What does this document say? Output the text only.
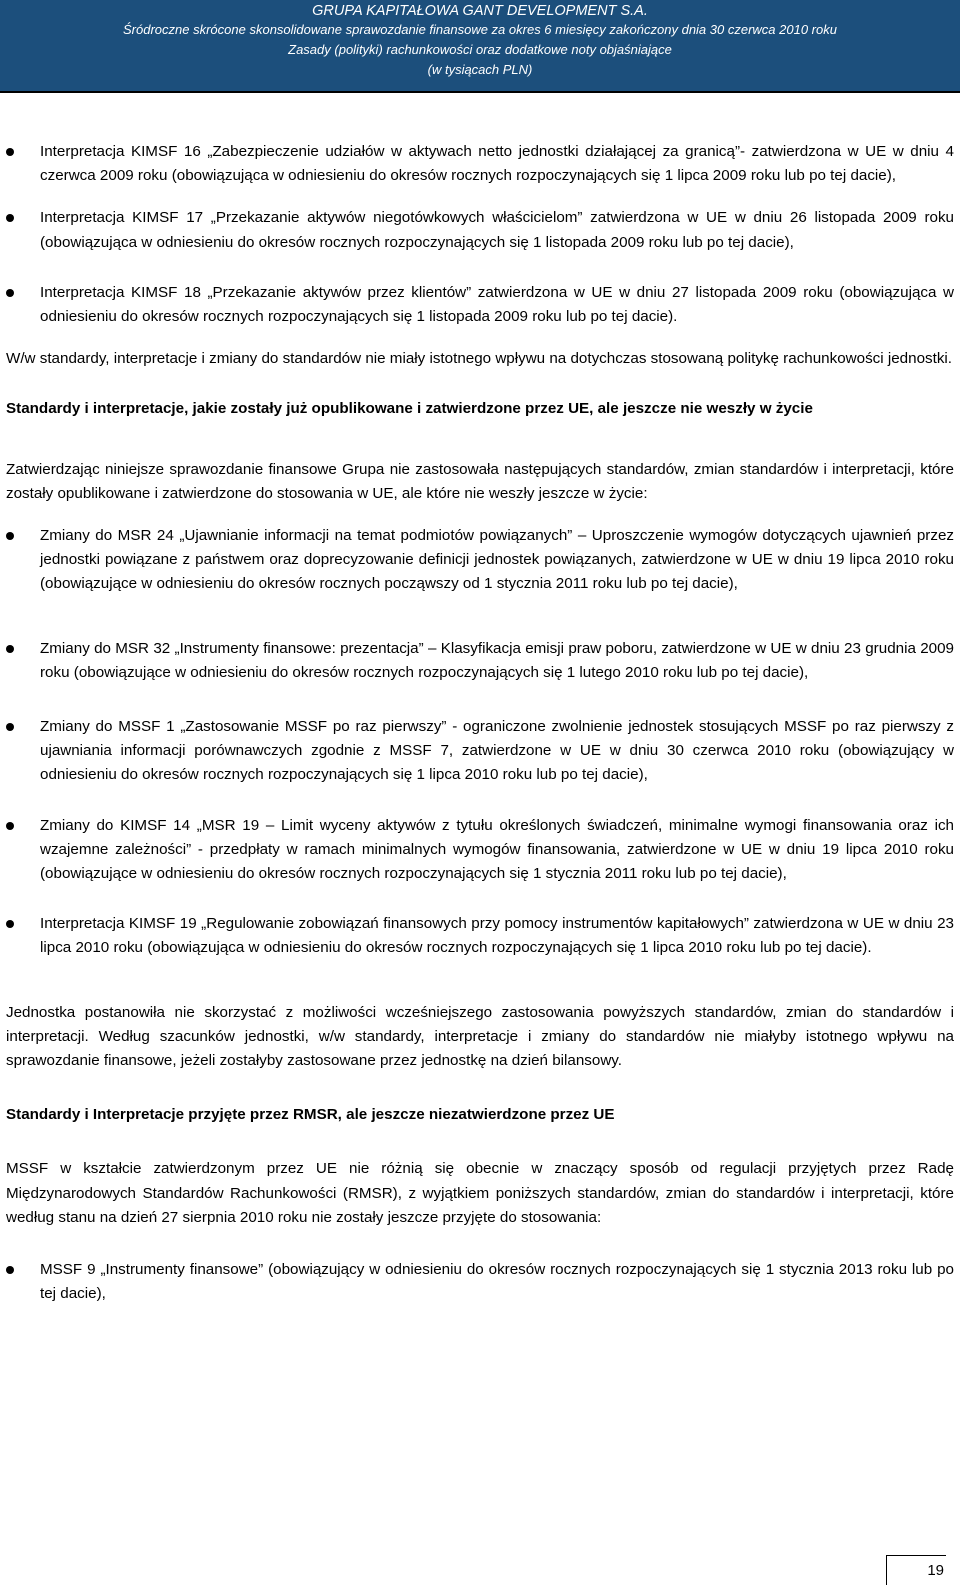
GRUPA KAPITAŁOWA GANT DEVELOPMENT S.A.
Śródroczne skrócone skonsolidowane sprawozdanie finansowe za okres 6 miesięcy zakończony dnia 30 czerwca 2010 roku
Zasady (polityki) rachunkowości oraz dodatkowe noty objaśniające
(w tysiącach PLN)
Interpretacja KIMSF 16 „Zabezpieczenie udziałów w aktywach netto jednostki działającej za granicą”- zatwierdzona w UE w dniu 4 czerwca 2009 roku (obowiązująca w odniesieniu do okresów rocznych rozpoczynających się 1 lipca 2009 roku lub po tej dacie),
Interpretacja KIMSF 17 „Przekazanie aktywów niegotówkowych właścicielom” zatwierdzona w UE w dniu 26 listopada 2009 roku (obowiązująca w odniesieniu do okresów rocznych rozpoczynających się 1 listopada 2009 roku lub po tej dacie),
Interpretacja KIMSF 18 „Przekazanie aktywów przez klientów” zatwierdzona w UE w dniu 27 listopada 2009 roku (obowiązująca w odniesieniu do okresów rocznych rozpoczynających się 1 listopada 2009 roku lub po tej dacie).

W/w standardy, interpretacje i zmiany do standardów nie miały istotnego wpływu na dotychczas stosowaną politykę rachunkowości jednostki.

Standardy i interpretacje, jakie zostały już opublikowane i zatwierdzone przez UE, ale jeszcze nie weszły w życie

Zatwierdzając niniejsze sprawozdanie finansowe Grupa nie zastosowała następujących standardów, zmian standardów i interpretacji, które zostały opublikowane i zatwierdzone do stosowania w UE, ale które nie weszły jeszcze w życie:

Zmiany do MSR 24 „Ujawnianie informacji na temat podmiotów powiązanych” – Uproszczenie wymogów dotyczących ujawnień przez jednostki powiązane z państwem oraz doprecyzowanie definicji jednostek powiązanych, zatwierdzone w UE w dniu 19 lipca 2010 roku (obowiązujące w odniesieniu do okresów rocznych począwszy od 1 stycznia 2011 roku lub po tej dacie),
Zmiany do MSR 32 „Instrumenty finansowe: prezentacja” – Klasyfikacja emisji praw poboru, zatwierdzone w UE w dniu 23 grudnia 2009 roku (obowiązujące w odniesieniu do okresów rocznych rozpoczynających się 1 lutego 2010 roku lub po tej dacie),
Zmiany do MSSF 1 „Zastosowanie MSSF po raz pierwszy” - ograniczone zwolnienie jednostek stosujących MSSF po raz pierwszy z ujawniania informacji porównawczych zgodnie z MSSF 7, zatwierdzone w UE w dniu 30 czerwca 2010 roku (obowiązujący w odniesieniu do okresów rocznych rozpoczynających się 1 lipca 2010 roku lub po tej dacie),
Zmiany do KIMSF 14 „MSR 19 – Limit wyceny aktywów z tytułu określonych świadczeń, minimalne wymogi finansowania oraz ich wzajemne zależności” - przedpłaty w ramach minimalnych wymogów finansowania, zatwierdzone w UE w dniu 19 lipca 2010 roku (obowiązujące w odniesieniu do okresów rocznych rozpoczynających się 1 stycznia 2011 roku lub po tej dacie),
Interpretacja KIMSF 19 „Regulowanie zobowiązań finansowych przy pomocy instrumentów kapitałowych” zatwierdzona w UE w dniu 23 lipca 2010 roku (obowiązująca w odniesieniu do okresów rocznych rozpoczynających się 1 lipca 2010 roku lub po tej dacie).

Jednostka postanowiła nie skorzystać z możliwości wcześniejszego zastosowania powyższych standardów, zmian do standardów i interpretacji. Według szacunków jednostki, w/w standardy, interpretacje i zmiany do standardów nie miałyby istotnego wpływu na sprawozdanie finansowe, jeżeli zostałyby zastosowane przez jednostkę na dzień bilansowy.

Standardy i Interpretacje przyjęte przez RMSR, ale jeszcze niezatwierdzone przez UE

MSSF w kształcie zatwierdzonym przez UE nie różnią się obecnie w znaczący sposób od regulacji przyjętych przez Radę Międzynarodowych Standardów Rachunkowości (RMSR), z wyjątkiem poniższych standardów, zmian do standardów i interpretacji, które według stanu na dzień 27 sierpnia 2010 roku nie zostały jeszcze przyjęte do stosowania:

MSSF 9 „Instrumenty finansowe” (obowiązujący w odniesieniu do okresów rocznych rozpoczynających się 1 stycznia 2013 roku lub po tej dacie),
19
